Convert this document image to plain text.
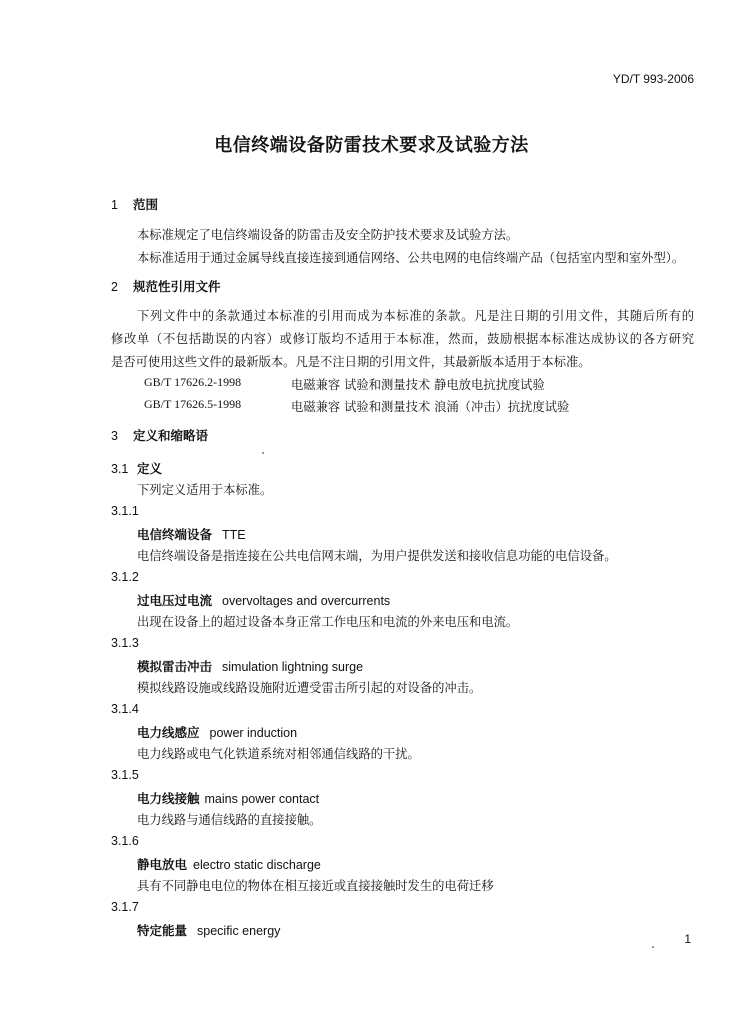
YD/T 993-2006
电信终端设备防雷技术要求及试验方法
1 范围
本标准规定了电信终端设备的防雷击及安全防护技术要求及试验方法。
本标准适用于通过金属导线直接连接到通信网络、公共电网的电信终端产品（包括室内型和室外型）。
2 规范性引用文件
下列文件中的条款通过本标准的引用而成为本标准的条款。凡是注日期的引用文件，其随后所有的
修改单（不包括勘误的内容）或修订版均不适用于本标准，然而，鼓励根据本标准达成协议的各方研究
是否可使用这些文件的最新版本。凡是不注日期的引用文件，其最新版本适用于本标准。
GB/T 17626.2-1998	电磁兼容 试验和测量技术 静电放电抗扰度试验
GB/T 17626.5-1998	电磁兼容 试验和测量技术 浪涌（冲击）抗扰度试验
3 定义和缩略语
3.1 定义
下列定义适用于本标准。
3.1.1
电信终端设备 TTE
电信终端设备是指连接在公共电信网末端，为用户提供发送和接收信息功能的电信设备。
3.1.2
过电压过电流 overvoltages and overcurrents
出现在设备上的超过设备本身正常工作电压和电流的外来电压和电流。
3.1.3
模拟雷击冲击 simulation lightning surge
模拟线路设施或线路设施附近遭受雷击所引起的对设备的冲击。
3.1.4
电力线感应 power induction
电力线路或电气化铁道系统对相邻通信线路的干扰。
3.1.5
电力线接触 mains power contact
电力线路与通信线路的直接接触。
3.1.6
静电放电 electro static discharge
具有不同静电电位的物体在相互接近或直接接触时发生的电荷迁移
3.1.7
特定能量 specific energy
1
